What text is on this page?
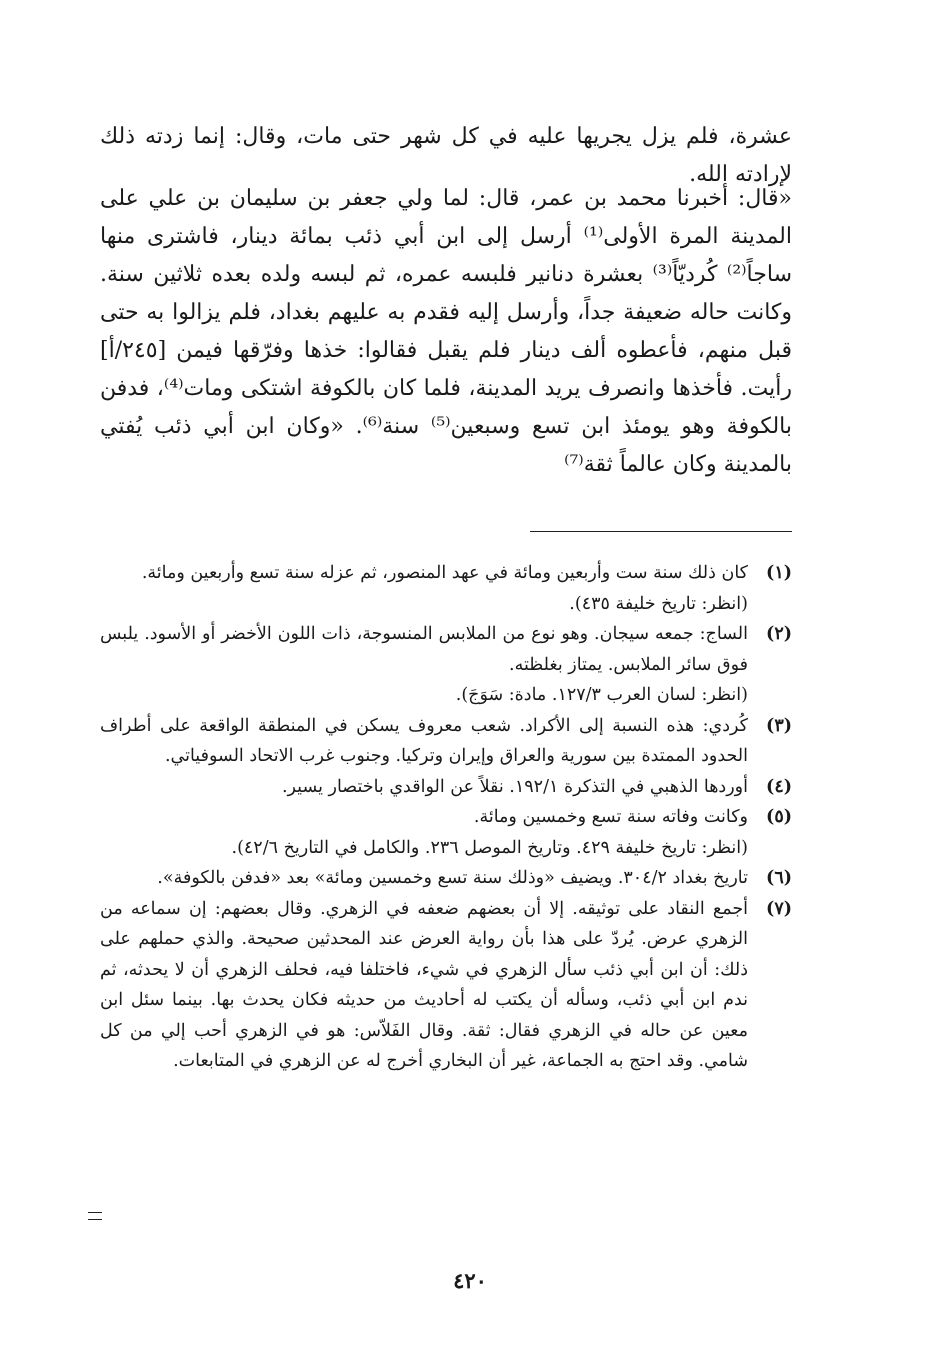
عشرة، فلم يزل يجريها عليه في كل شهر حتى مات، وقال: إنما زدته ذلك لإرادته الله.

«قال: أخبرنا محمد بن عمر، قال: لما ولي جعفر بن سليمان بن علي على المدينة المرة الأولى⁽¹⁾ أرسل إلى ابن أبي ذئب بمائة دينار، فاشترى منها ساجاً⁽²⁾ كُرديّاً⁽³⁾ بعشرة دنانير فلبسه عمره، ثم لبسه ولده بعده ثلاثين سنة. وكانت حاله ضعيفة جداً، وأرسل إليه فقدم به عليهم بغداد، فلم يزالوا به حتى قبل منهم، فأعطوه ألف دينار فلم يقبل فقالوا: خذها وفرّقها فيمن [٢٤٥/أ] رأيت. فأخذها وانصرف يريد المدينة، فلما كان بالكوفة اشتكى ومات⁽⁴⁾، فدفن بالكوفة وهو يومئذ ابن تسع وسبعين⁽⁵⁾ سنة⁽⁶⁾. «وكان ابن أبي ذئب يُفتي بالمدينة وكان عالماً ثقة⁽⁷⁾

(١)
كان ذلك سنة ست وأربعين ومائة في عهد المنصور، ثم عزله سنة تسع وأربعين ومائة.
(انظر: تاريخ خليفة ٤٣٥).
(٢)
الساج: جمعه سيجان. وهو نوع من الملابس المنسوجة، ذات اللون الأخضر أو الأسود. يلبس فوق سائر الملابس. يمتاز بغلظته.
(انظر: لسان العرب ١٢٧/٣. مادة: سَوَجَ).
(٣)
كُردي: هذه النسبة إلى الأكراد. شعب معروف يسكن في المنطقة الواقعة على أطراف الحدود الممتدة بين سورية والعراق وإيران وتركيا. وجنوب غرب الاتحاد السوفياتي.
(٤)
أوردها الذهبي في التذكرة ١٩٢/١. نقلاً عن الواقدي باختصار يسير.
(٥)
وكانت وفاته سنة تسع وخمسين ومائة.
(انظر: تاريخ خليفة ٤٢٩. وتاريخ الموصل ٢٣٦. والكامل في التاريخ ٤٢/٦).
(٦)
تاريخ بغداد ٣٠٤/٢. ويضيف «وذلك سنة تسع وخمسين ومائة» بعد «فدفن بالكوفة».
(٧)
أجمع النقاد على توثيقه. إلا أن بعضهم ضعفه في الزهري. وقال بعضهم: إن سماعه من الزهري عرض. يُردّ على هذا بأن رواية العرض عند المحدثين صحيحة. والذي حملهم على ذلك: أن ابن أبي ذئب سأل الزهري في شيء، فاختلفا فيه، فحلف الزهري أن لا يحدثه، ثم ندم ابن أبي ذئب، وسأله أن يكتب له أحاديث من حديثه فكان يحدث بها. بينما سئل ابن معين عن حاله في الزهري فقال: ثقة. وقال الفَلاّس: هو في الزهري أحب إلي من كل شامي. وقد احتج به الجماعة، غير أن البخاري أخرج له عن الزهري في المتابعات.
٤٢٠
